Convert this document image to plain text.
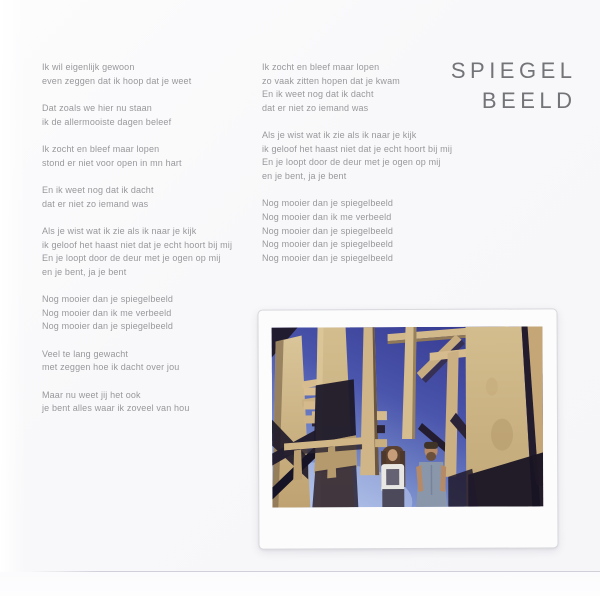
Ik wil eigenlijk gewoon
even zeggen dat ik hoop dat je weet
Dat zoals we hier nu staan
ik de allermooiste dagen beleef
Ik zocht en bleef maar lopen
stond er niet voor open in mn hart
En ik weet nog dat ik dacht
dat er niet zo iemand was
Als je wist wat ik zie als ik naar je kijk
ik geloof het haast niet dat je echt hoort bij mij
En je loopt door de deur met je ogen op mij
en je bent, ja je bent
Nog mooier dan je spiegelbeeld
Nog mooier dan ik me verbeeld
Nog mooier dan je spiegelbeeld
Veel te lang gewacht
met zeggen hoe ik dacht over jou
Maar nu weet jij het ook
je bent alles waar ik zoveel van hou
Ik zocht en bleef maar lopen
zo vaak zitten hopen dat je kwam
En ik weet nog dat ik dacht
dat er niet zo iemand was
Als je wist wat ik zie als ik naar je kijk
ik geloof het haast niet dat je echt hoort bij mij
En je loopt door de deur met je ogen op mij
en je bent, ja je bent
Nog mooier dan je spiegelbeeld
Nog mooier dan ik me verbeeld
Nog mooier dan je spiegelbeeld
Nog mooier dan je spiegelbeeld
Nog mooier dan je spiegelbeeld
SPIEGEL
BEELD
